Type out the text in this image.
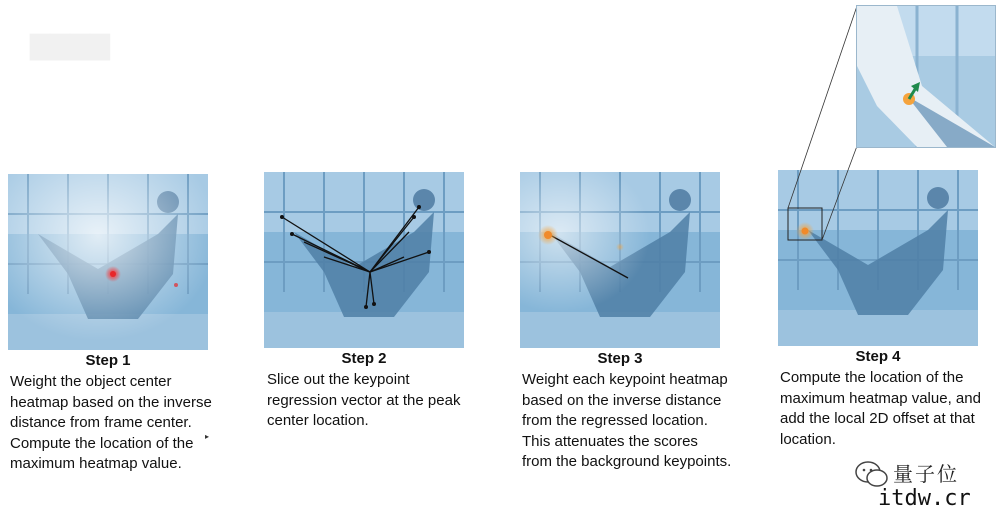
▇▇▇▇
Step 1
Weight the object center heatmap based on the inverse distance from frame center. Compute the location of the maximum heatmap value.
▸
Step 2
Slice out the keypoint regression vector at the peak center location.
Step 3
Weight each keypoint heatmap based on the inverse distance from the regressed location. This attenuates the scores from the background keypoints.
Step 4
Compute the location of the maximum heatmap value, and add the local 2D offset at that location.
量子位
itdw.cr
